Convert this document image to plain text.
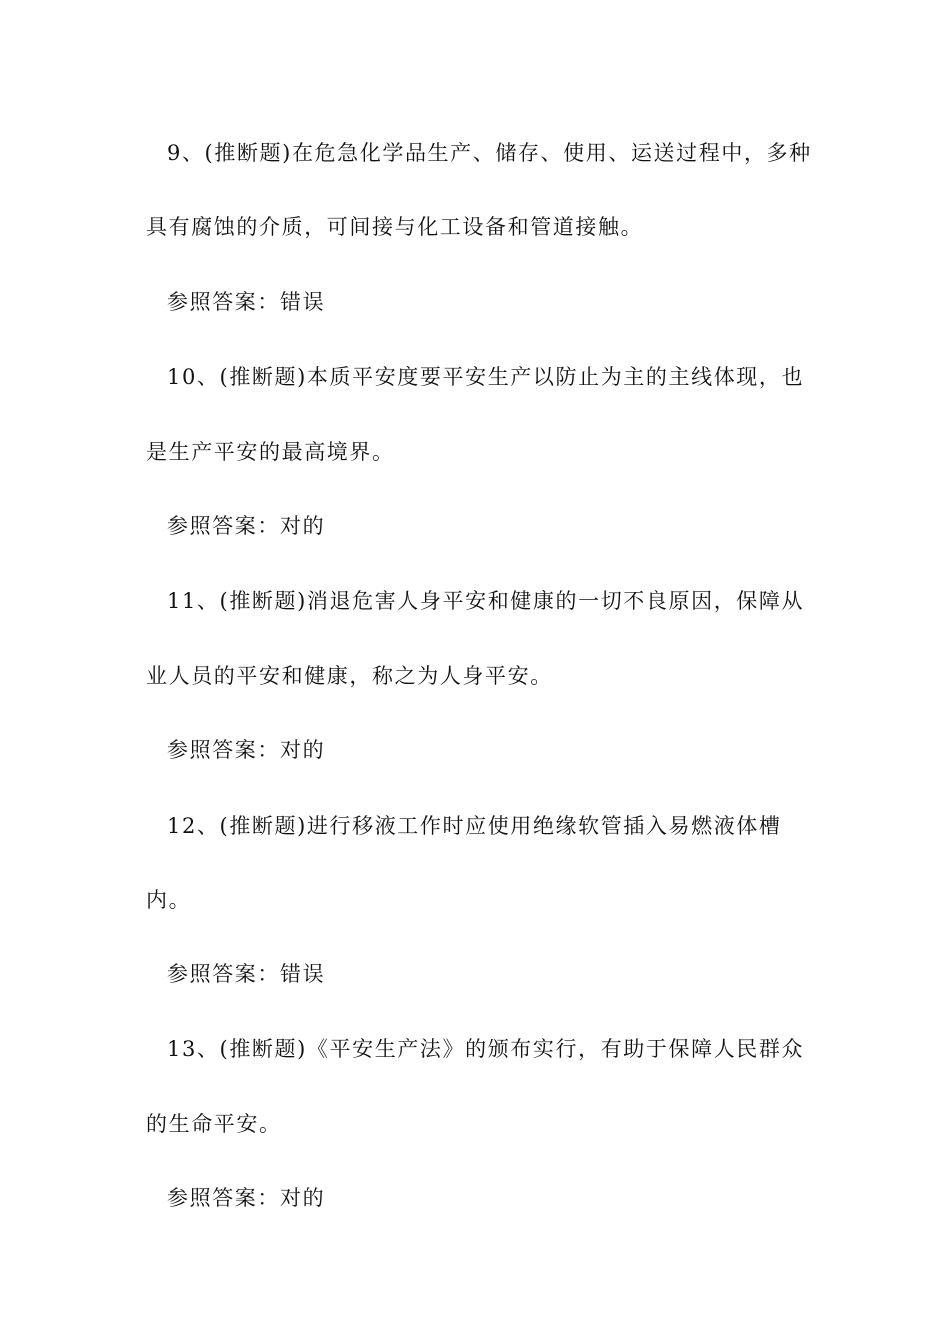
9、(推断题)在危急化学品生产、储存、使用、运送过程中，多种
具有腐蚀的介质，可间接与化工设备和管道接触。
参照答案：错误
10、(推断题)本质平安度要平安生产以防止为主的主线体现，也
是生产平安的最高境界。
参照答案：对的
11、(推断题)消退危害人身平安和健康的一切不良原因，保障从
业人员的平安和健康，称之为人身平安。
参照答案：对的
12、(推断题)进行移液工作时应使用绝缘软管插入易燃液体槽
内。
参照答案：错误
13、(推断题)《平安生产法》的颁布实行，有助于保障人民群众
的生命平安。
参照答案：对的
